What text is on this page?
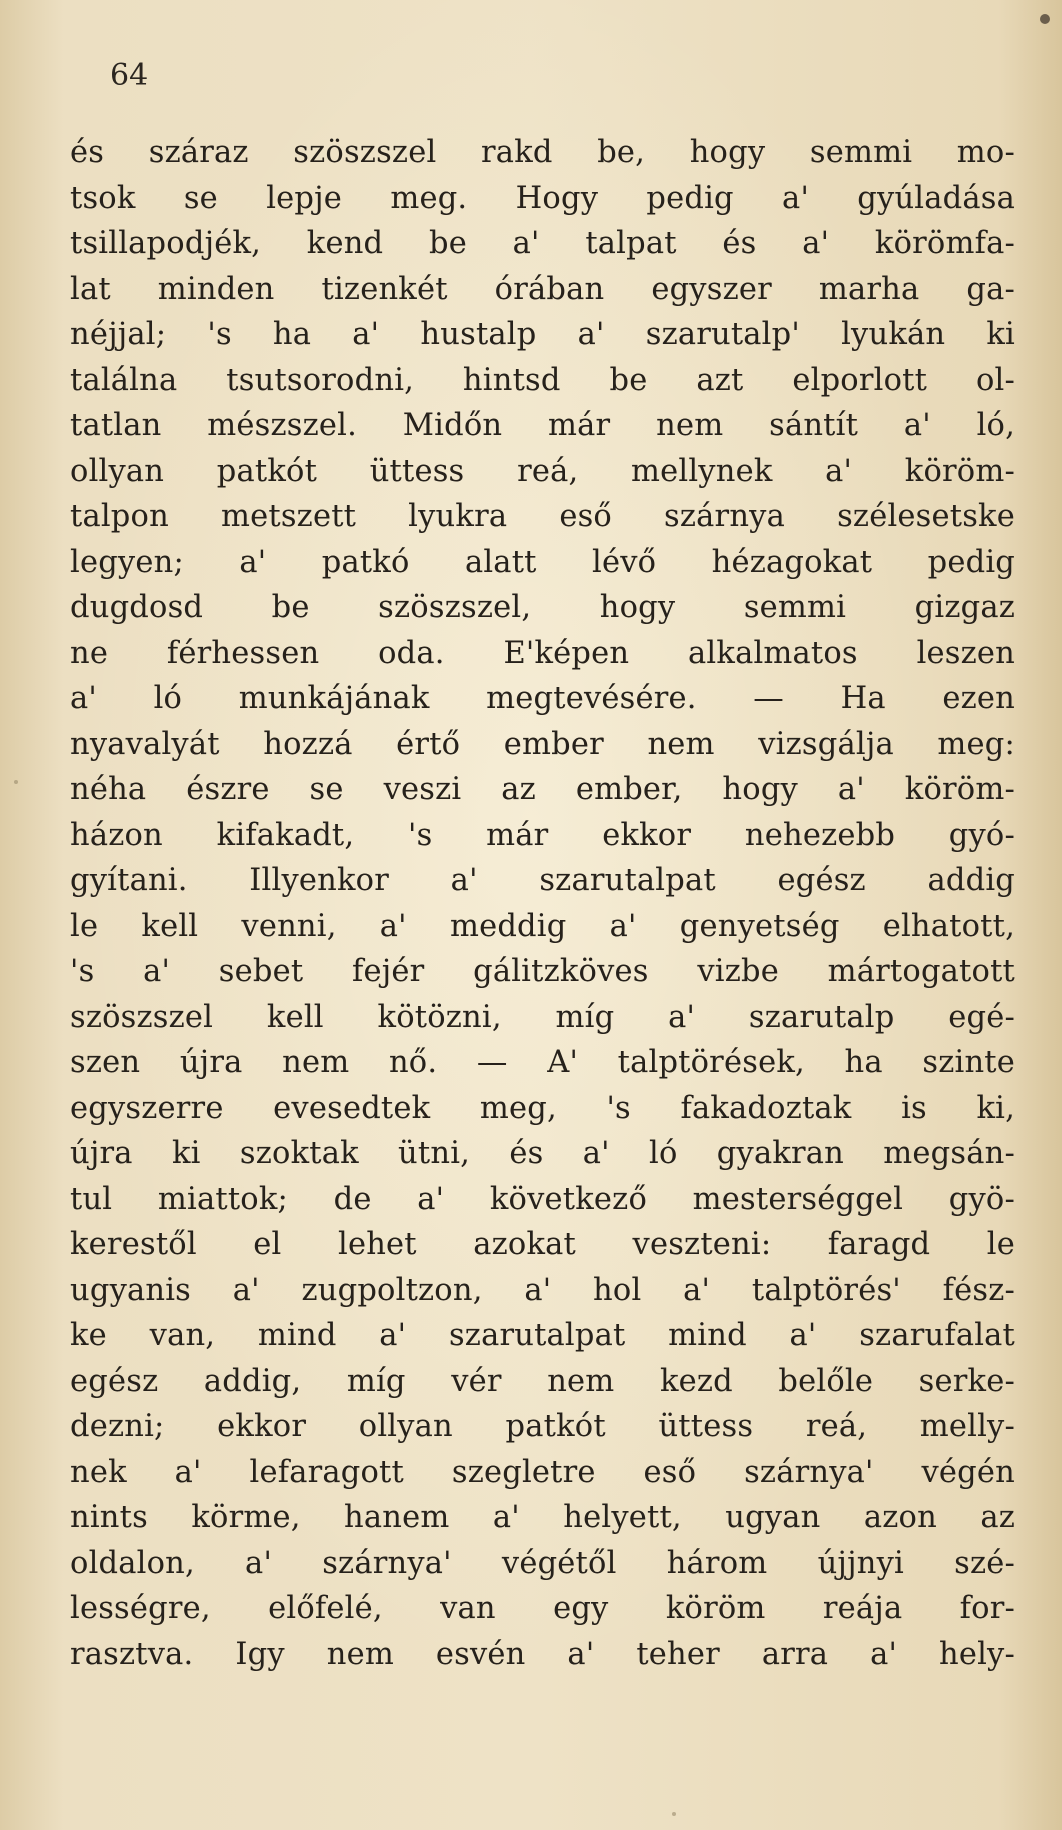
64
és száraz szöszszel rakd be, hogy semmi mo-
tsok se lepje meg. Hogy pedig a' gyúladása
tsillapodjék, kend be a' talpat és a' körömfa-
lat minden tizenkét órában egyszer marha ga-
néjjal; 's ha a' hustalp a' szarutalp' lyukán ki
találna tsutsorodni, hintsd be azt elporlott ol-
tatlan mészszel. Midőn már nem sántít a' ló,
ollyan patkót üttess reá, mellynek a' köröm-
talpon metszett lyukra eső szárnya szélesetske
legyen; a' patkó alatt lévő hézagokat pedig
dugdosd be szöszszel, hogy semmi gizgaz
ne férhessen oda. E'képen alkalmatos leszen
a' ló munkájának megtevésére. — Ha ezen
nyavalyát hozzá értő ember nem vizsgálja meg:
néha észre se veszi az ember, hogy a' köröm-
házon kifakadt, 's már ekkor nehezebb gyó-
gyítani. Illyenkor a' szarutalpat egész addig
le kell venni, a' meddig a' genyetség elhatott,
's a' sebet fejér gálitzköves vizbe mártogatott
szöszszel kell kötözni, míg a' szarutalp egé-
szen újra nem nő. — A' talptörések, ha szinte
egyszerre evesedtek meg, 's fakadoztak is ki,
újra ki szoktak ütni, és a' ló gyakran megsán-
tul miattok; de a' következő mesterséggel gyö-
kerestől el lehet azokat veszteni: faragd le
ugyanis a' zugpoltzon, a' hol a' talptörés' fész-
ke van, mind a' szarutalpat mind a' szarufalat
egész addig, míg vér nem kezd belőle serke-
dezni; ekkor ollyan patkót üttess reá, melly-
nek a' lefaragott szegletre eső szárnya' végén
nints körme, hanem a' helyett, ugyan azon az
oldalon, a' szárnya' végétől három újjnyi szé-
lességre, előfelé, van egy köröm reája for-
rasztva. Igy nem esvén a' teher arra a' hely-
